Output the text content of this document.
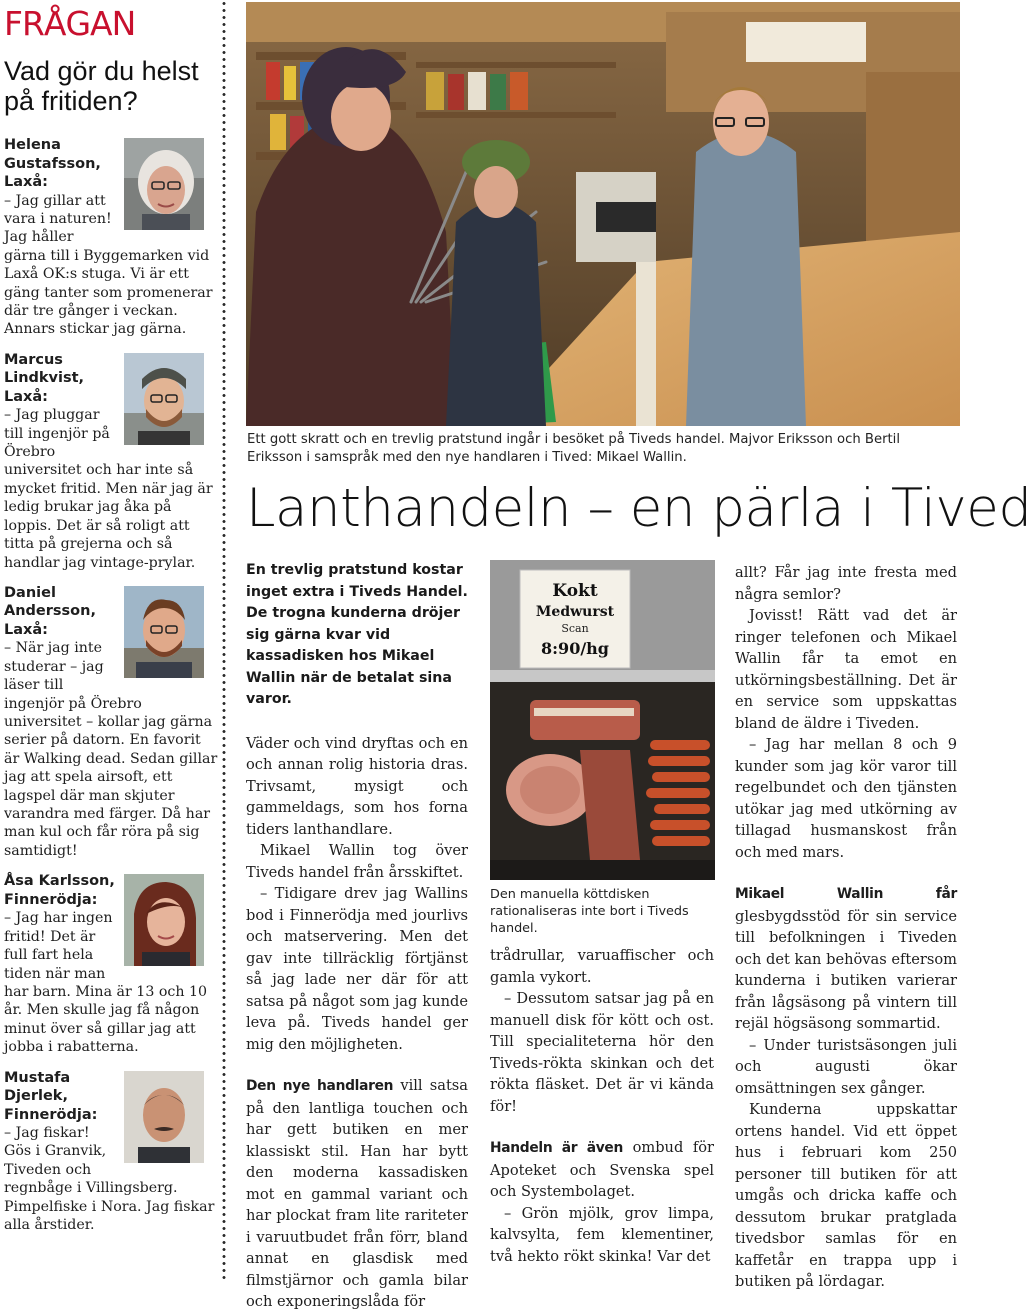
FRÅGAN
Vad gör du helst på fritiden?
Helena Gustafsson, Laxå:
– Jag gillar att vara i naturen! Jag håller gärna till i Byggemarken vid Laxå OK:s stuga. Vi är ett gäng tanter som promenerar där tre gånger i veckan. Annars stickar jag gärna.
Marcus Lindkvist, Laxå:
– Jag pluggar till ingenjör på Örebro universitet och har inte så mycket fritid. Men när jag är ledig brukar jag åka på loppis. Det är så roligt att titta på grejerna och så handlar jag vintage-prylar.
Daniel Andersson, Laxå:
– När jag inte studerar – jag läser till ingenjör på Örebro universitet – kollar jag gärna serier på datorn. En favorit är Walking dead. Sedan gillar jag att spela airsoft, ett lagspel där man skjuter varandra med färger. Då har man kul och får röra på sig samtidigt!
Åsa Karlsson, Finnerödja:
– Jag har ingen fritid! Det är full fart hela tiden när man har barn. Mina är 13 och 10 år. Men skulle jag få någon minut över så gillar jag att jobba i rabatterna.
Mustafa Djerlek, Finnerödja:
– Jag fiskar! Gös i Granvik, Tiveden och regnbåge i Villingsberg. Pimpelfiske i Nora. Jag fiskar alla årstider.
Ett gott skratt och en trevlig pratstund ingår i besöket på Tiveds handel. Majvor Eriksson och Bertil Eriksson i samspråk med den nye handlaren i Tived: Mikael Wallin.
Lanthandeln – en pärla i Tived
En trevlig pratstund kostar inget extra i Tiveds Handel. De trogna kunderna dröjer sig gärna kvar vid kassadisken hos Mikael Wallin när de betalat sina varor.

Väder och vind dryftas och en och annan rolig historia dras. Trivsamt, mysigt och gammeldags, som hos forna tiders lanthandlare.

Mikael Wallin tog över Tiveds handel från årsskiftet.

– Tidigare drev jag Wallins bod i Finnerödja med jourlivs och matservering. Men det gav inte tillräcklig förtjänst så jag lade ner där för att satsa på något som jag kunde leva på. Tiveds handel ger mig den möjligheten.

Den nye handlaren vill satsa på den lantliga touchen och har gett butiken en mer klassiskt stil. Han har bytt den moderna kassadisken mot en gammal variant och har plockat fram lite rariteter i varuutbudet från förr, bland annat en glasdisk med filmstjärnor och gamla bilar och exponeringslåda för

Kokt
Medwurst
Scan
8:90/hg
Den manuella köttdisken rationaliseras inte bort i Tiveds handel.

trådrullar, varuaffischer och gamla vykort.

– Dessutom satsar jag på en manuell disk för kött och ost. Till specialiteterna hör den Tiveds-rökta skinkan och det rökta fläsket. Det är vi kända för!

Handeln är även ombud för Apoteket och Svenska spel och Systembolaget.

– Grön mjölk, grov limpa, kalvsylta, fem klementiner, två hekto rökt skinka! Var det

allt? Får jag inte fresta med några semlor?

Jovisst! Rätt vad det är ringer telefonen och Mikael Wallin får ta emot en utkörningsbeställning. Det är en service som uppskattas bland de äldre i Tiveden.

– Jag har mellan 8 och 9 kunder som jag kör varor till regelbundet och den tjänsten utökar jag med utkörning av tillagad husmanskost från och med mars.

Mikael Wallin får glesbygdsstöd för sin service till befolkningen i Tiveden och det kan behövas eftersom kunderna i butiken varierar från lågsäsong på vintern till rejäl högsäsong sommartid.

– Under turistsäsongen juli och augusti ökar omsättningen sex gånger.

Kunderna uppskattar ortens handel. Vid ett öppet hus i februari kom 250 personer till butiken för att umgås och dricka kaffe och dessutom brukar pratglada tivedsbor samlas för en kaffetår en trappa upp i butiken på lördagar.
